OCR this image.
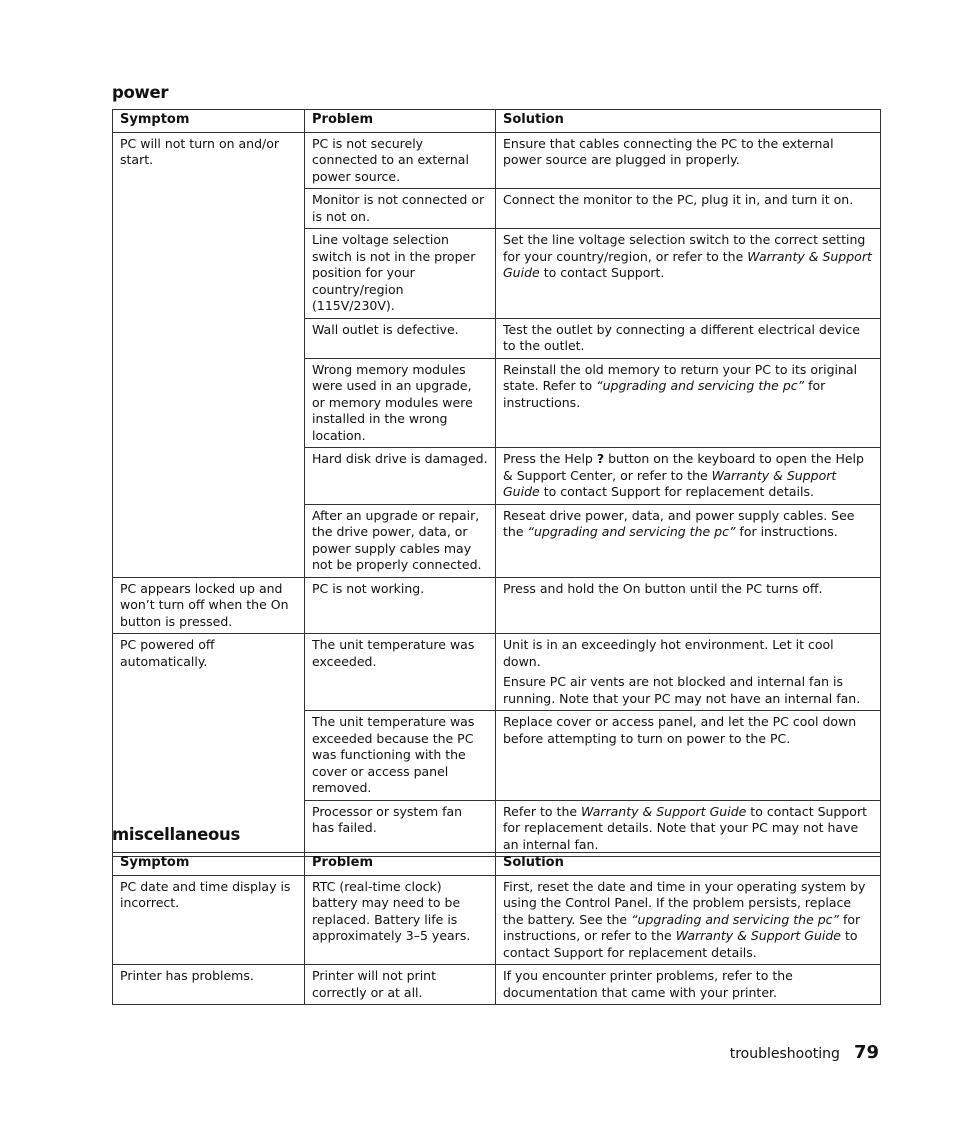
power
Symptom	Problem	Solution
PC will not turn on and/or start.	PC is not securely connected to an external power source.	Ensure that cables connecting the PC to the external power source are plugged in properly.

	Monitor is not connected or is not on.	Connect the monitor to the PC, plug it in, and turn it on.

	Line voltage selection switch is not in the proper position for your country/region (115V/230V).	Set the line voltage selection switch to the correct setting for your country/region, or refer to the Warranty & Support Guide to contact Support.

	Wall outlet is defective.	Test the outlet by connecting a different electrical device to the outlet.

	Wrong memory modules were used in an upgrade, or memory modules were installed in the wrong location.	Reinstall the old memory to return your PC to its original state. Refer to “upgrading and servicing the pc” for instructions.

	Hard disk drive is damaged.	Press the Help ? button on the keyboard to open the Help & Support Center, or refer to the Warranty & Support Guide to contact Support for replacement details.

	After an upgrade or repair, the drive power, data, or power supply cables may not be properly connected.	Reseat drive power, data, and power supply cables. See the “upgrading and servicing the pc” for instructions.

PC appears locked up and won’t turn off when the On button is pressed.	PC is not working.	Press and hold the On button until the PC turns off.

PC powered off automatically.	The unit temperature was exceeded.	Unit is in an exceedingly hot environment. Let it cool down.

Ensure PC air vents are not blocked and internal fan is running. Note that your PC may not have an internal fan.

	The unit temperature was exceeded because the PC was functioning with the cover or access panel removed.	Replace cover or access panel, and let the PC cool down before attempting to turn on power to the PC.

	Processor or system fan has failed.	Refer to the Warranty & Support Guide to contact Support for replacement details. Note that your PC may not have an internal fan.

miscellaneous
Symptom	Problem	Solution
PC date and time display is incorrect.	RTC (real-time clock) battery may need to be replaced. Battery life is approximately 3–5 years.	First, reset the date and time in your operating system by using the Control Panel. If the problem persists, replace the battery. See the “upgrading and servicing the pc” for instructions, or refer to the Warranty & Support Guide to contact Support for replacement details.

Printer has problems.	Printer will not print correctly or at all.	If you encounter printer problems, refer to the documentation that came with your printer.

troubleshooting 79
